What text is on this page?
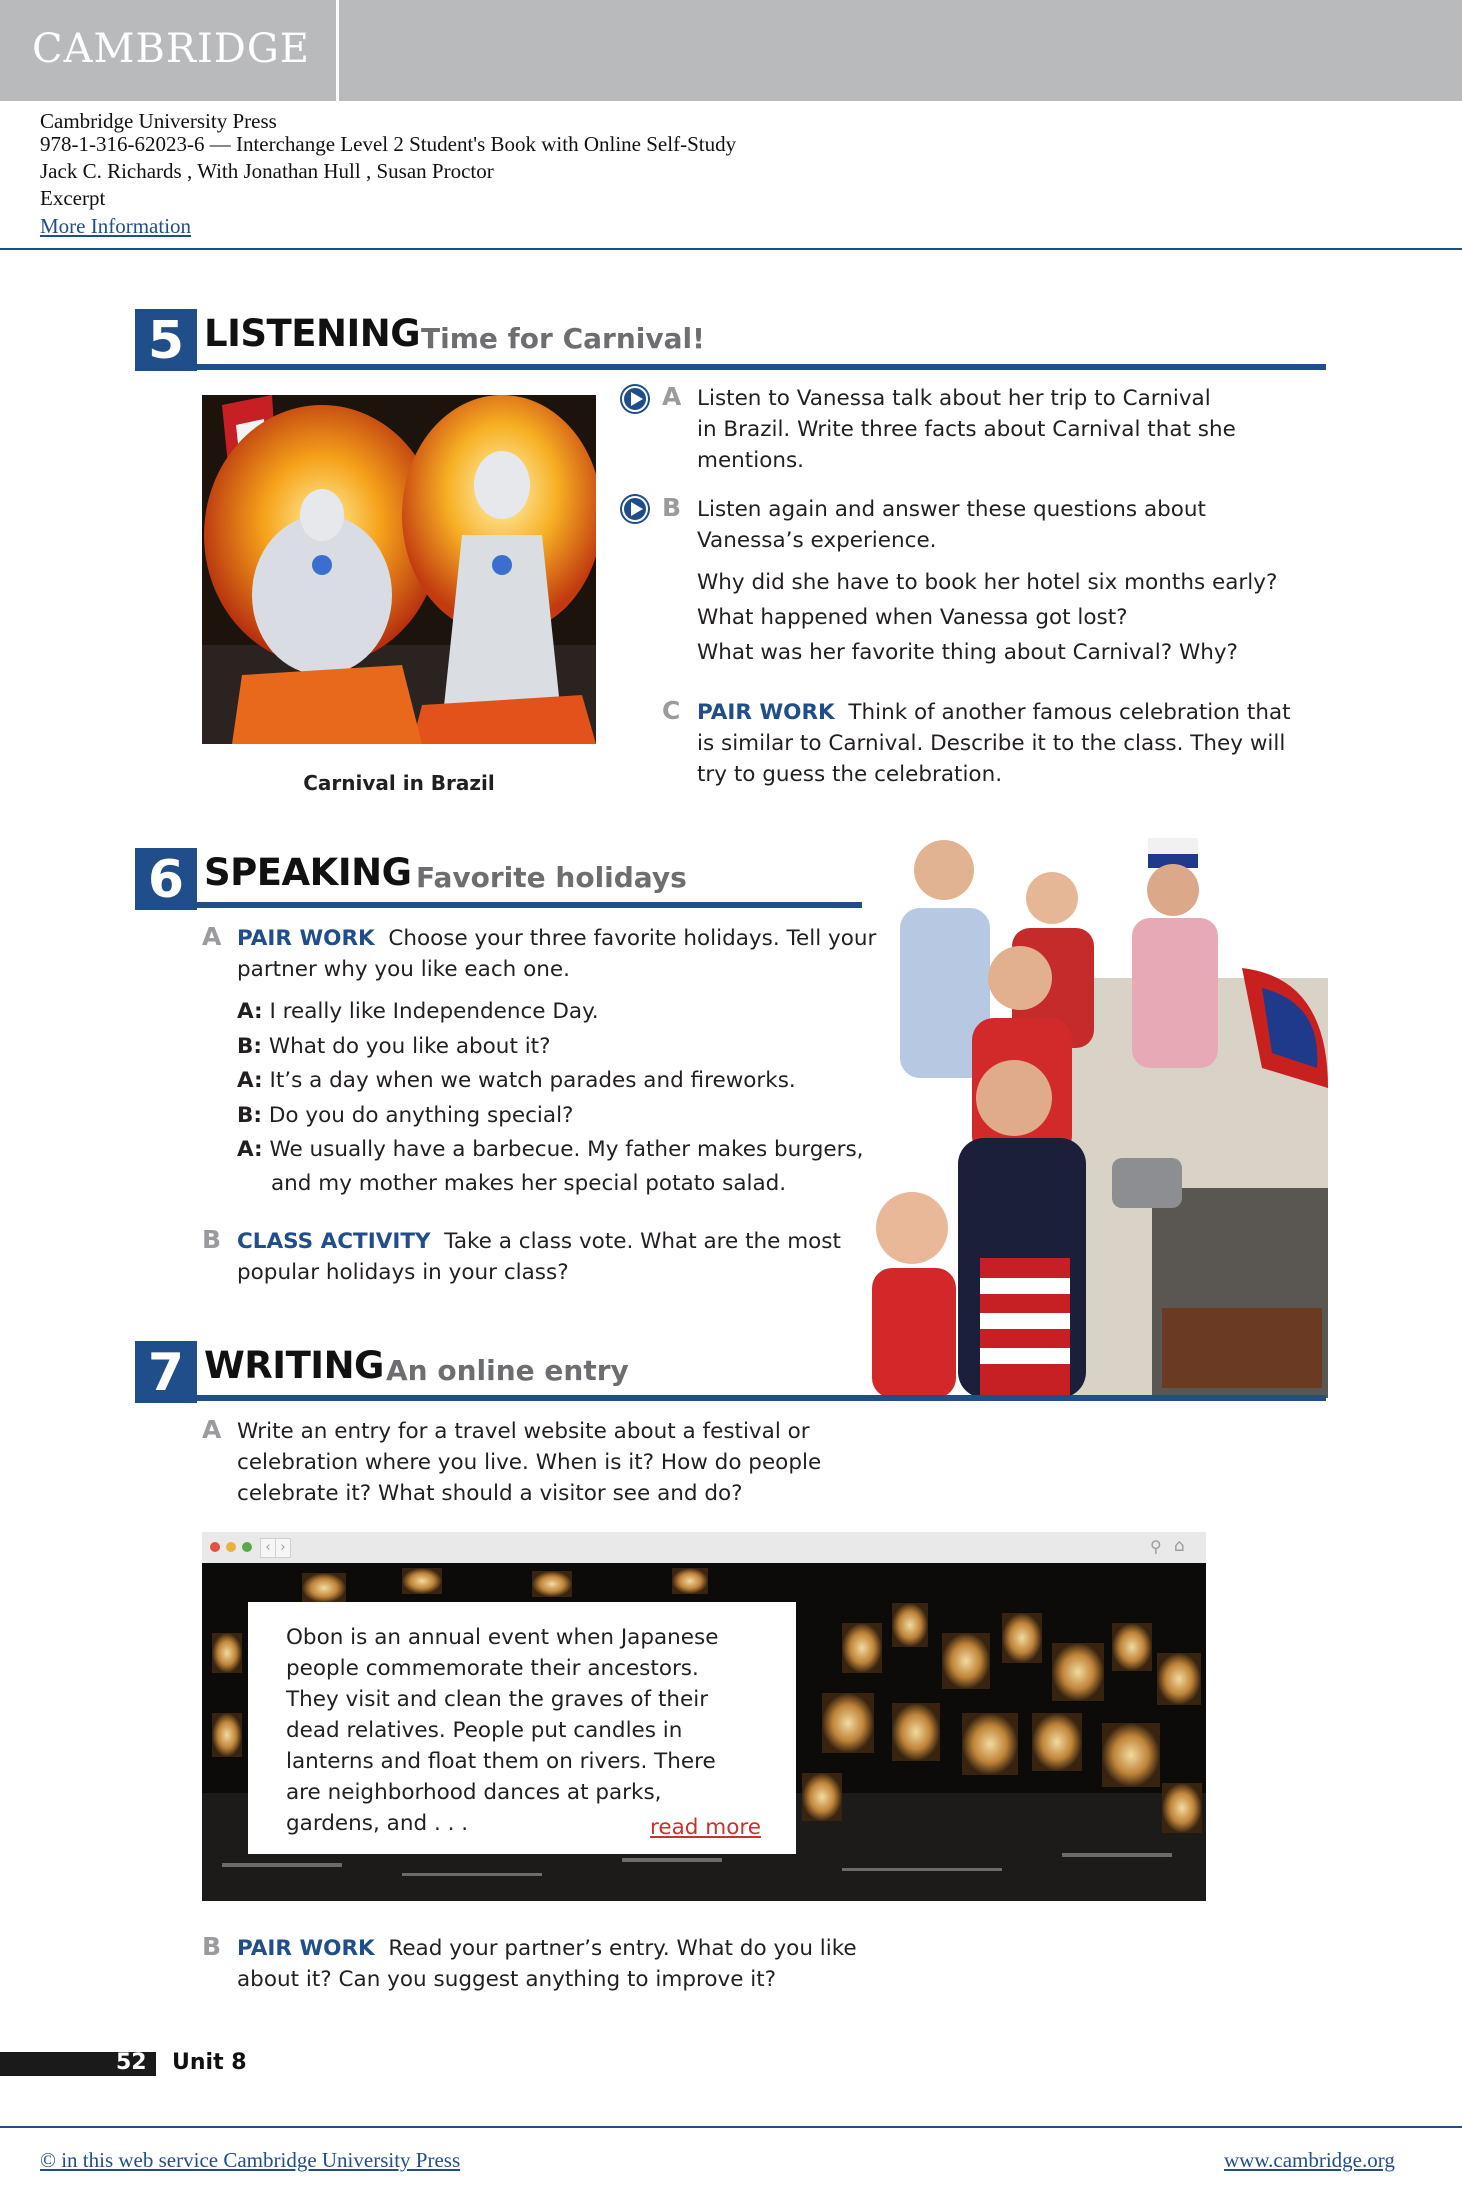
CAMBRIDGE
Cambridge University Press
978-1-316-62023-6 — Interchange Level 2 Student's Book with Online Self-Study
Jack C. Richards , With Jonathan Hull , Susan Proctor
Excerpt
More Information
5 LISTENING Time for Carnival!
Carnival in Brazil
A Listen to Vanessa talk about her trip to Carnival
in Brazil. Write three facts about Carnival that she
mentions.
B Listen again and answer these questions about
Vanessa’s experience.
Why did she have to book her hotel six months early?
What happened when Vanessa got lost?
What was her favorite thing about Carnival? Why?
C PAIR WORK Think of another famous celebration that
is similar to Carnival. Describe it to the class. They will
try to guess the celebration.
6 SPEAKING Favorite holidays
A PAIR WORK Choose your three favorite holidays. Tell your
partner why you like each one.
A: I really like Independence Day.
B: What do you like about it?
A: It’s a day when we watch parades and fireworks.
B: Do you do anything special?
A: We usually have a barbecue. My father makes burgers,
and my mother makes her special potato salad.
B CLASS ACTIVITY Take a class vote. What are the most
popular holidays in your class?
7 WRITING An online entry
A Write an entry for a travel website about a festival or
celebration where you live. When is it? How do people
celebrate it? What should a visitor see and do?
‹ ›	⚲ ⌂
Obon is an annual event when Japanese
people commemorate their ancestors.
They visit and clean the graves of their
dead relatives. People put candles in
lanterns and float them on rivers. There
are neighborhood dances at parks,
gardens, and . . .	read more
B PAIR WORK Read your partner’s entry. What do you like
about it? Can you suggest anything to improve it?
52 Unit 8
© in this web service Cambridge University Press	www.cambridge.org
